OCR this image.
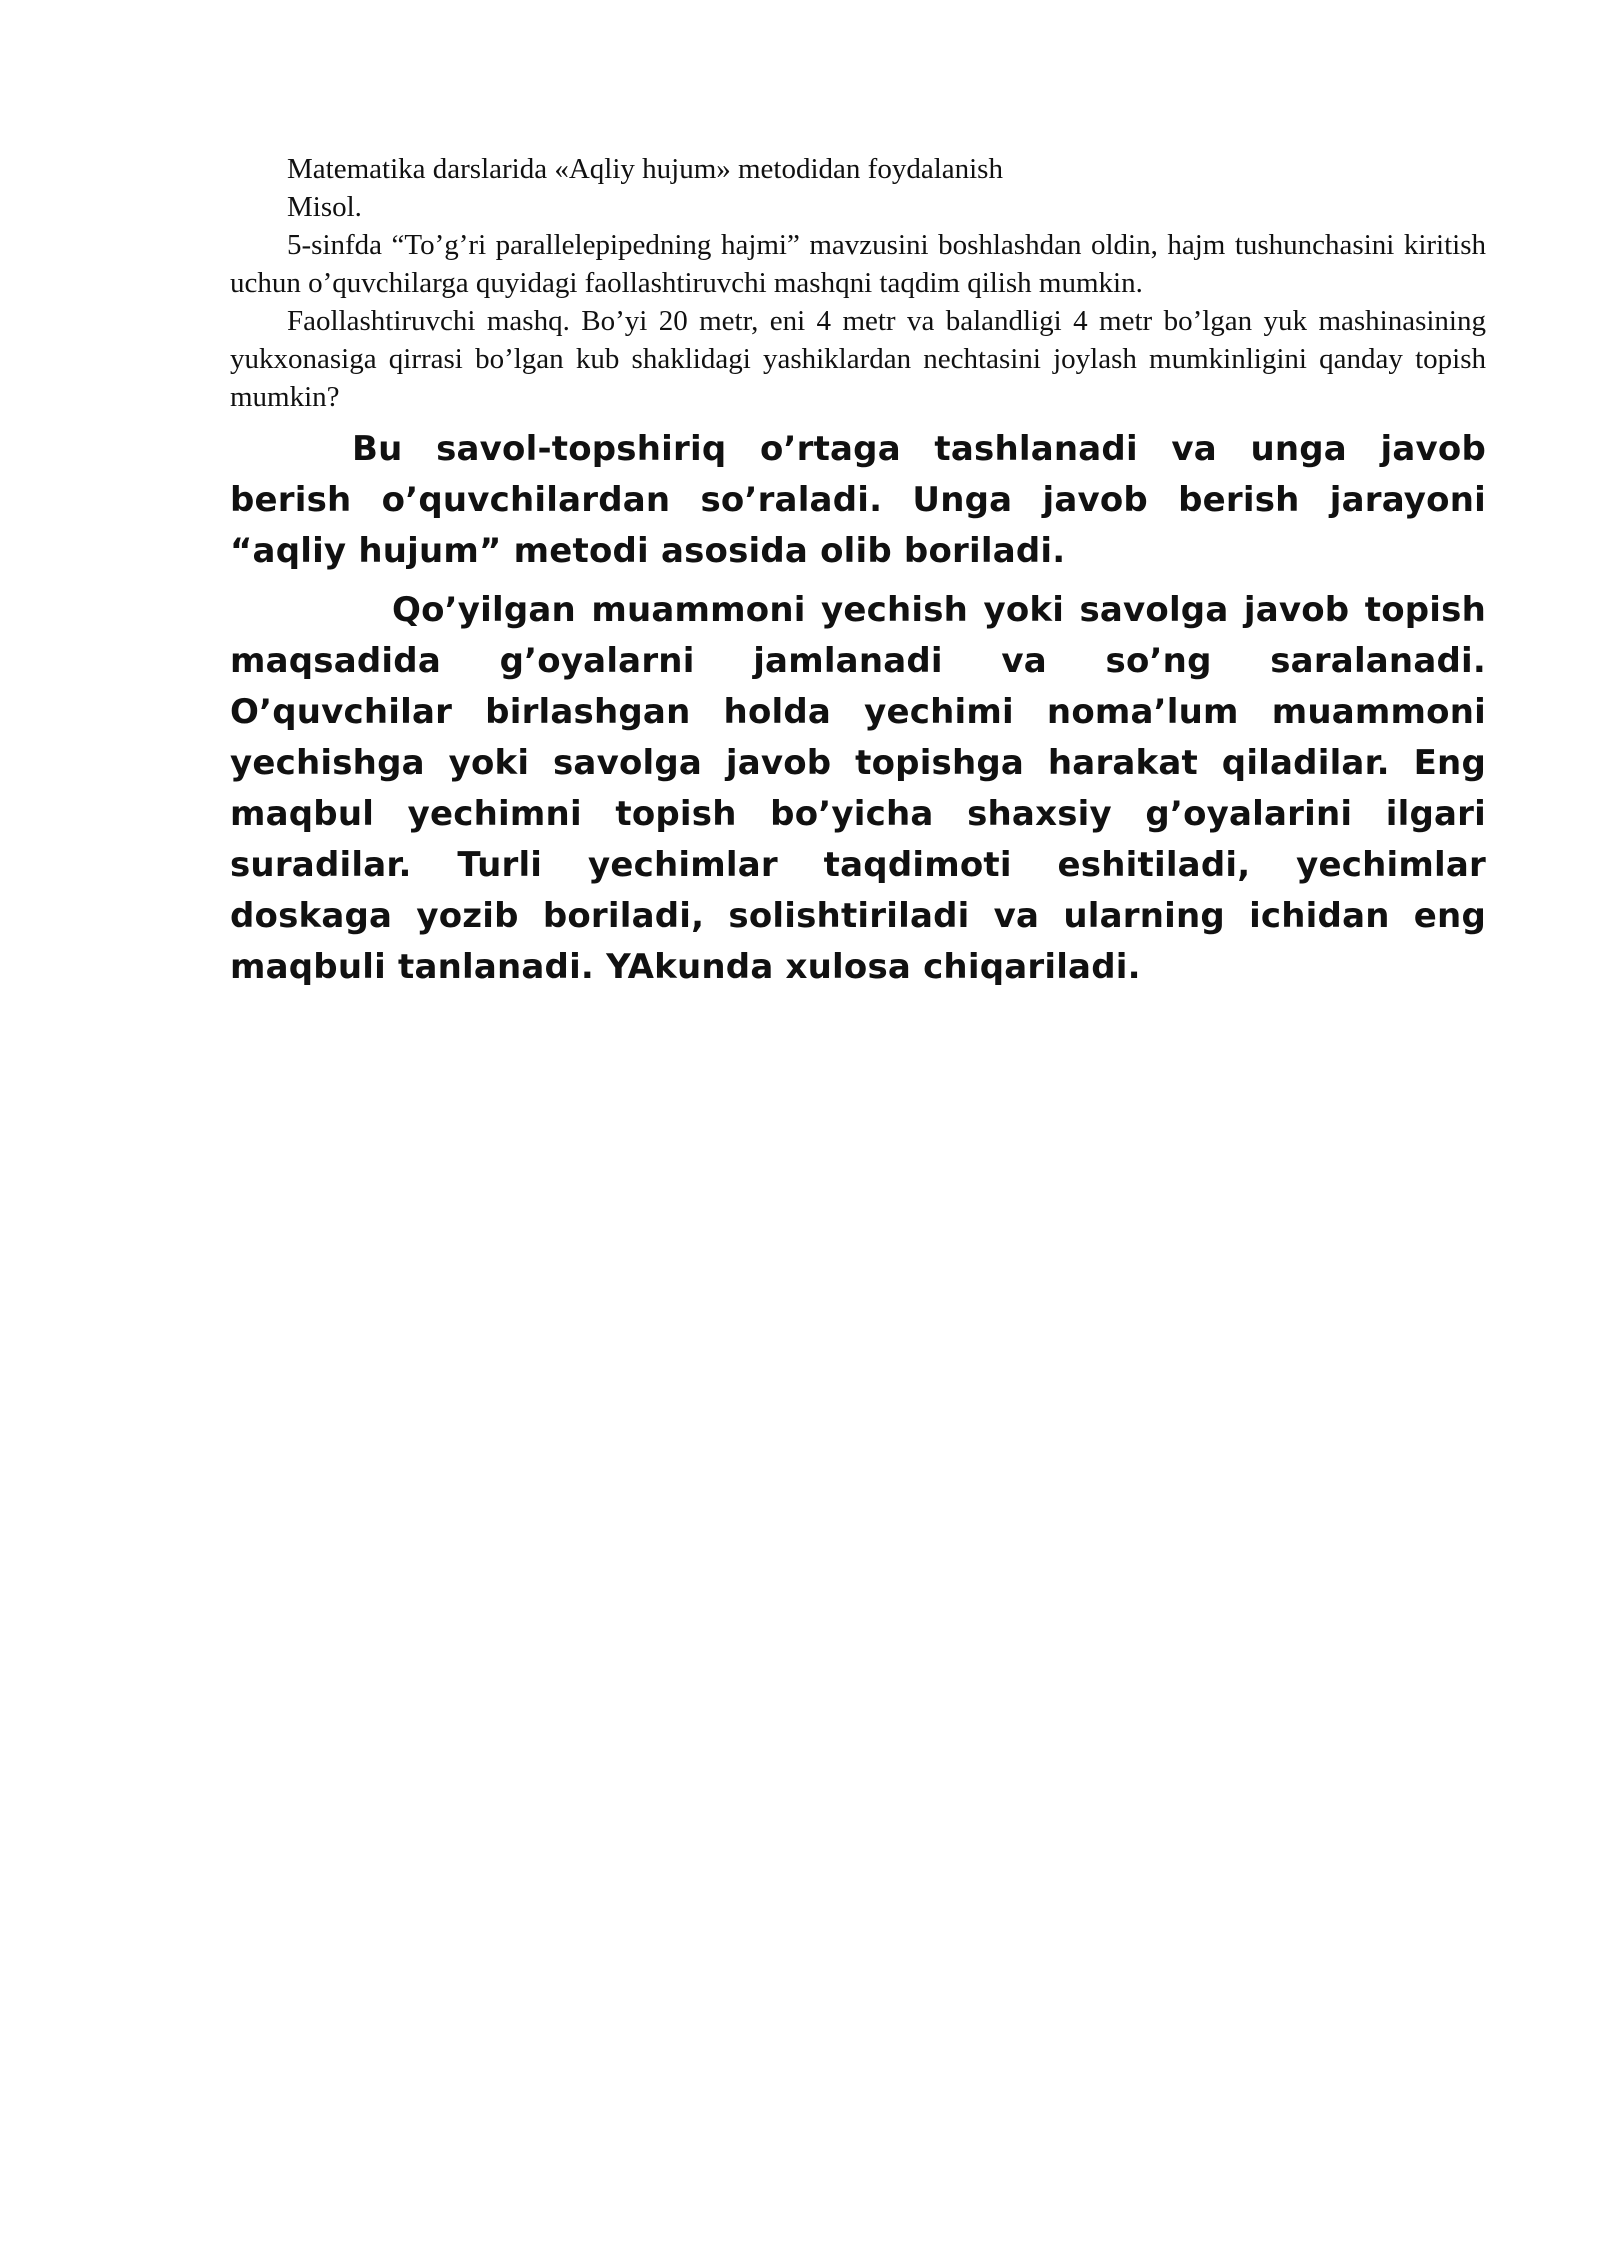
Matematika darslarida «Aqliy hujum» metodidan foydalanish

Misol.

5-sinfda “To’g’ri parallelepipedning hajmi” mavzusini boshlashdan oldin, hajm tushunchasini kiritish uchun o’quvchilarga quyidagi faollashtiruvchi mashqni taqdim qilish mumkin.

Faollashtiruvchi mashq. Bo’yi 20 metr, eni 4 metr va balandligi 4 metr bo’lgan yuk mashinasining yukxonasiga qirrasi bo’lgan kub shaklidagi yashiklardan nechtasini joylash mumkinligini qanday topish mumkin?

Bu savol-topshiriq o’rtaga tashlanadi va unga javob berish o’quvchilardan so’raladi. Unga javob berish jarayoni “aqliy hujum” metodi asosida olib boriladi.

Qo’yilgan muammoni yechish yoki savolga javob topish maqsadida g’oyalarni jamlanadi va so’ng saralanadi. O’quvchilar birlashgan holda yechimi noma’lum muammoni yechishga yoki savolga javob topishga harakat qiladilar. Eng maqbul yechimni topish bo’yicha shaxsiy g’oyalarini ilgari suradilar. Turli yechimlar taqdimoti eshitiladi, yechimlar doskaga yozib boriladi, solishtiriladi va ularning ichidan eng maqbuli tanlanadi. YAkunda xulosa chiqariladi.
